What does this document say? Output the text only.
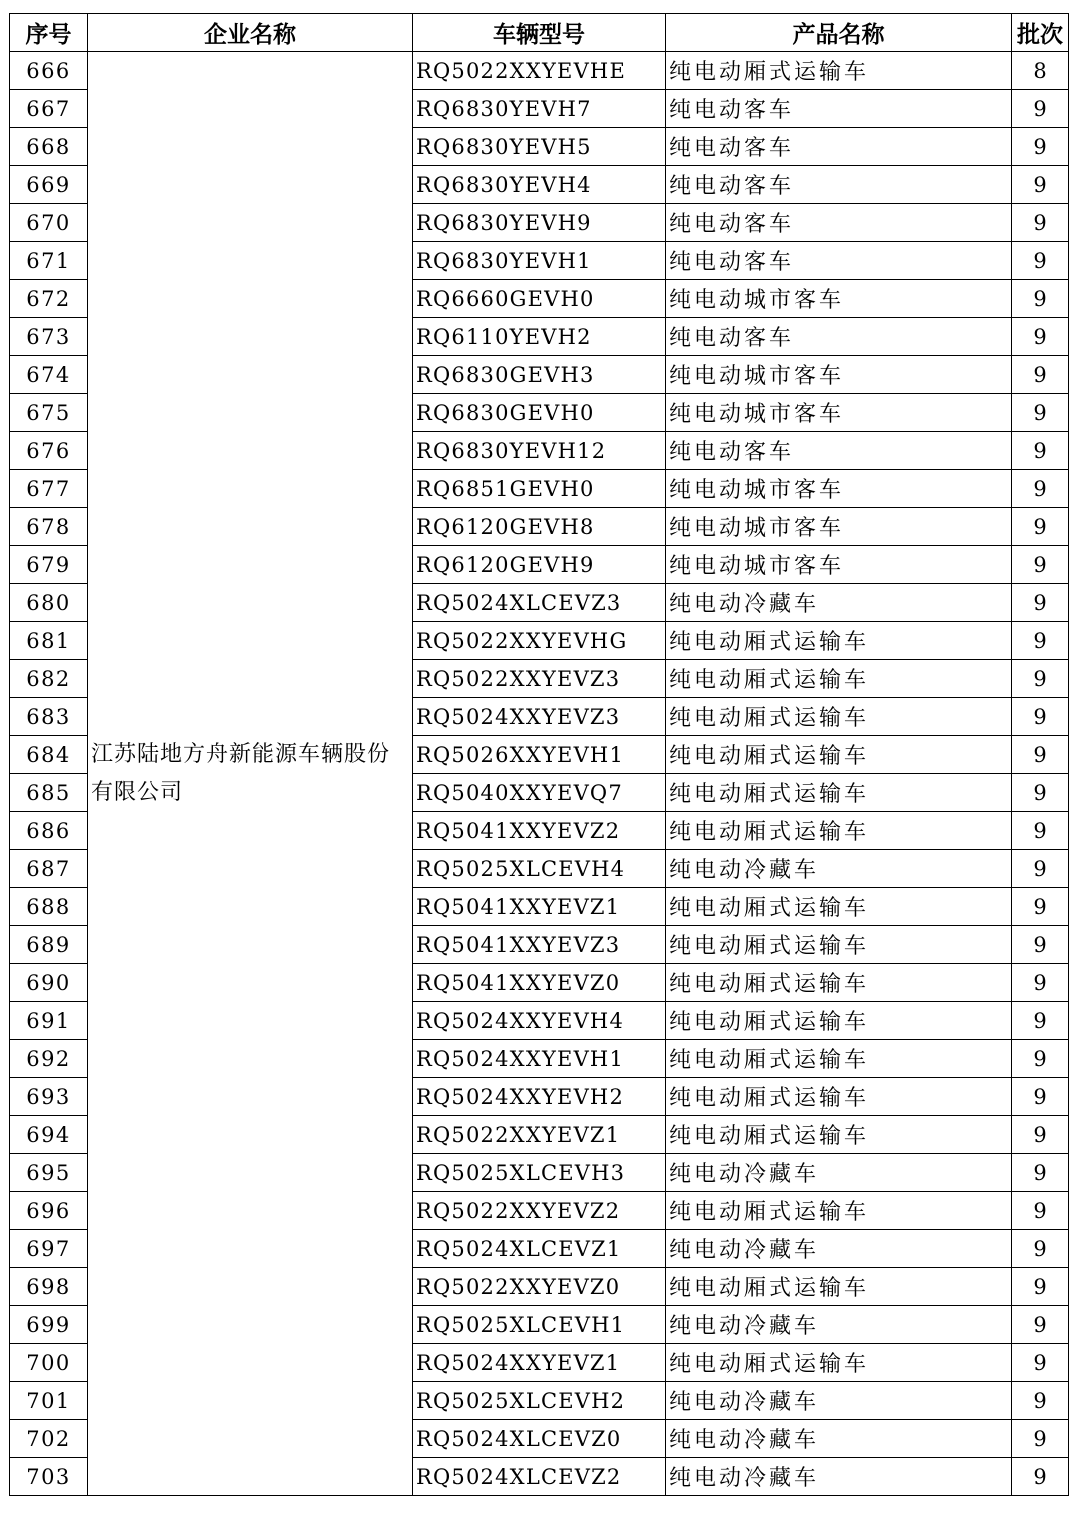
序号	企业名称	车辆型号	产品名称	批次
666	江苏陆地方舟新能源车辆股份有限公司	RQ5022XXYEVHE	纯电动厢式运输车	8
667		RQ6830YEVH7	纯电动客车	9
668		RQ6830YEVH5	纯电动客车	9
669		RQ6830YEVH4	纯电动客车	9
670		RQ6830YEVH9	纯电动客车	9
671		RQ6830YEVH1	纯电动客车	9
672		RQ6660GEVH0	纯电动城市客车	9
673		RQ6110YEVH2	纯电动客车	9
674		RQ6830GEVH3	纯电动城市客车	9
675		RQ6830GEVH0	纯电动城市客车	9
676		RQ6830YEVH12	纯电动客车	9
677		RQ6851GEVH0	纯电动城市客车	9
678		RQ6120GEVH8	纯电动城市客车	9
679		RQ6120GEVH9	纯电动城市客车	9
680		RQ5024XLCEVZ3	纯电动冷藏车	9
681		RQ5022XXYEVHG	纯电动厢式运输车	9
682		RQ5022XXYEVZ3	纯电动厢式运输车	9
683		RQ5024XXYEVZ3	纯电动厢式运输车	9
684		RQ5026XXYEVH1	纯电动厢式运输车	9
685		RQ5040XXYEVQ7	纯电动厢式运输车	9
686		RQ5041XXYEVZ2	纯电动厢式运输车	9
687		RQ5025XLCEVH4	纯电动冷藏车	9
688		RQ5041XXYEVZ1	纯电动厢式运输车	9
689		RQ5041XXYEVZ3	纯电动厢式运输车	9
690		RQ5041XXYEVZ0	纯电动厢式运输车	9
691		RQ5024XXYEVH4	纯电动厢式运输车	9
692		RQ5024XXYEVH1	纯电动厢式运输车	9
693		RQ5024XXYEVH2	纯电动厢式运输车	9
694		RQ5022XXYEVZ1	纯电动厢式运输车	9
695		RQ5025XLCEVH3	纯电动冷藏车	9
696		RQ5022XXYEVZ2	纯电动厢式运输车	9
697		RQ5024XLCEVZ1	纯电动冷藏车	9
698		RQ5022XXYEVZ0	纯电动厢式运输车	9
699		RQ5025XLCEVH1	纯电动冷藏车	9
700		RQ5024XXYEVZ1	纯电动厢式运输车	9
701		RQ5025XLCEVH2	纯电动冷藏车	9
702		RQ5024XLCEVZ0	纯电动冷藏车	9
703		RQ5024XLCEVZ2	纯电动冷藏车	9
